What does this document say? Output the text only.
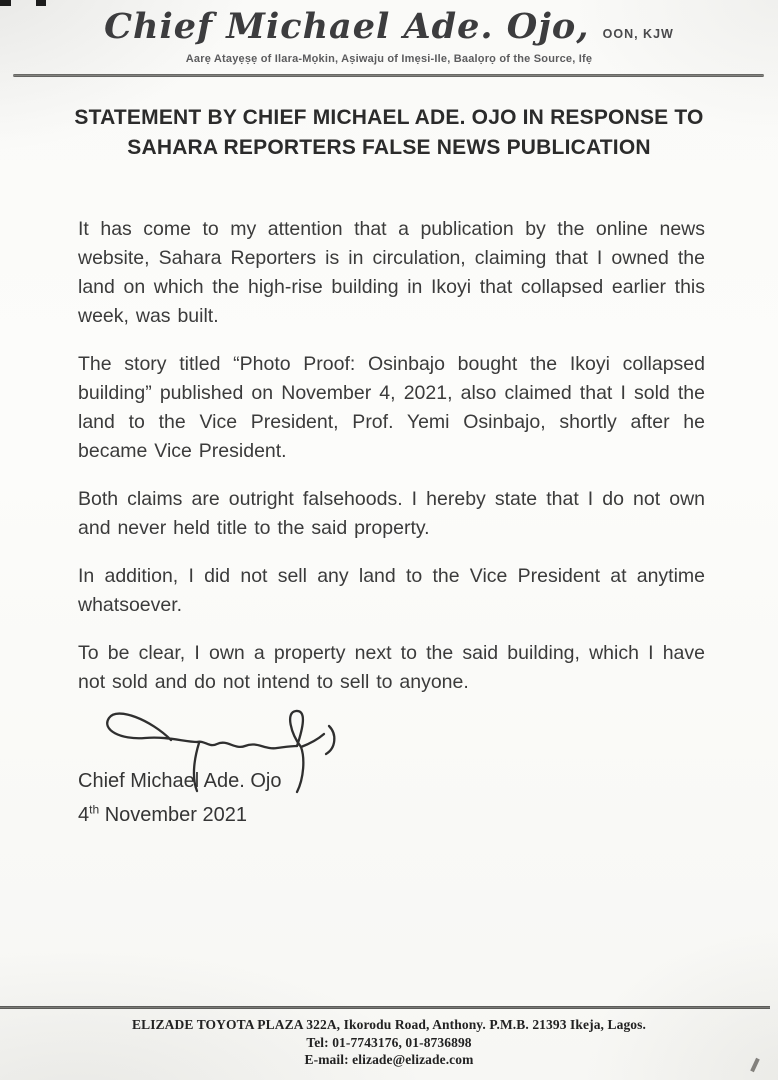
Chief Michael Ade. Ojo, OON, KJW
Aarẹ Atayẹṣẹ of Ilara-Mọkin, Aṣiwaju of Imẹsi-Ile, Baalọrọ of the Source, Ifẹ
STATEMENT BY CHIEF MICHAEL ADE. OJO IN RESPONSE TO SAHARA REPORTERS FALSE NEWS PUBLICATION

It has come to my attention that a publication by the online news website, Sahara Reporters is in circulation, claiming that I owned the land on which the high-rise building in Ikoyi that collapsed earlier this week, was built.

The story titled “Photo Proof: Osinbajo bought the Ikoyi collapsed building” published on November 4, 2021, also claimed that I sold the land to the Vice President, Prof. Yemi Osinbajo, shortly after he became Vice President.

Both claims are outright falsehoods. I hereby state that I do not own and never held title to the said property.

In addition, I did not sell any land to the Vice President at anytime whatsoever.

To be clear, I own a property next to the said building, which I have not sold and do not intend to sell to anyone.

Chief Michael Ade. Ojo
4th November 2021
ELIZADE TOYOTA PLAZA 322A, Ikorodu Road, Anthony. P.M.B. 21393 Ikeja, Lagos.
Tel: 01-7743176, 01-8736898
E-mail: elizade@elizade.com
